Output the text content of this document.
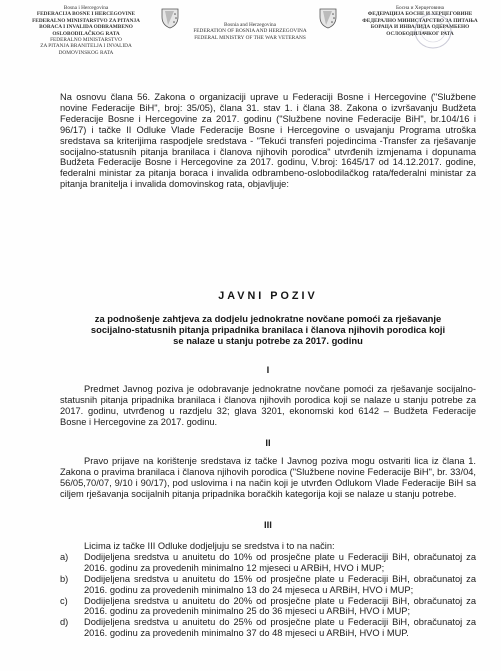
Bosna i Hercegovina
FEDERACIJA BOSNE I HERCEGOVINE
FEDERALNO MINISTARSTVO ZA PITANJA
BORACA I INVALIDA ODBRAMBENO
OSLOBODILAČKOG RATA
FEDERALNO MINISTARSTVO
ZA PITANJA BRANITELJA I INVALIDA
DOMOVINSKOG RATA
Bosnia and Herzegovina
FEDERATION OF BOSNIA AND HERZEGOVINA
FEDERAL MINISTRY OF THE WAR VETERANS
Босна и Херцеговина
ФЕДЕРАЦИЈА БОСНЕ И ХЕРЦЕГОВИНЕ
ФЕДЕРАЛНО МИНИСТАРСТВО ЗА ПИТАЊА
БОРАЦА И ИНВАЛИДА ОДБРАМБЕНО
ОСЛОБОДИЛАЧКОГ РАТА
Na osnovu člana 56. Zakona o organizaciji uprave u Federaciji Bosne i Hercegovine ("Službene novine Federacije BiH", broj: 35/05), člana 31. stav 1. i člana 38. Zakona o izvršavanju Budžeta Federacije Bosne i Hercegovine za 2017. godinu ("Službene novine Federacije BiH", br.104/16 i 96/17) i tačke II Odluke Vlade Federacije Bosne i Hercegovine o usvajanju Programa utroška sredstava sa kriterijima raspodjele sredstava - "Tekući transferi pojedincima -Transfer za rješavanje socijalno-statusnih pitanja branilaca i članova njihovih porodica" utvrđenih izmjenama i dopunama Budžeta Federacije Bosne i Hercegovine za 2017. godinu, V.broj: 1645/17 od 14.12.2017. godine, federalni ministar za pitanja boraca i invalida odbrambeno-oslobodilačkog rata/federalni ministar za pitanja branitelja i invalida domovinskog rata, objavljuje:
JAVNI POZIV
za podnošenje zahtjeva za dodjelu jednokratne novčane pomoći za rješavanje socijalno-statusnih pitanja pripadnika branilaca i članova njihovih porodica koji se nalaze u stanju potrebe za 2017. godinu
I
Predmet Javnog poziva je odobravanje jednokratne novčane pomoći za rješavanje socijalno-statusnih pitanja pripadnika branilaca i članova njihovih porodica koji se nalaze u stanju potrebe za 2017. godinu, utvrđenog u razdjelu 32; glava 3201, ekonomski kod 6142 – Budžeta Federacije Bosne i Hercegovine za 2017. godinu.
II
Pravo prijave na korištenje sredstava iz tačke I Javnog poziva mogu ostvariti lica iz člana 1. Zakona o pravima branilaca i članova njihovih porodica ("Službene novine Federacije BiH", br. 33/04, 56/05,70/07, 9/10 i 90/17), pod uslovima i na način koji je utvrđen Odlukom Vlade Federacije BiH sa ciljem rješavanja socijalnih pitanja pripadnika boračkih kategorija koji se nalaze u stanju potrebe.
III
Licima iz tačke III Odluke dodjeljuju se sredstva i to na način:
a)	Dodijeljena sredstva u anuitetu do 10% od prosječne plate u Federaciji BiH, obračunatoj za 2016. godinu za provedenih minimalno 12 mjeseci u ARBiH, HVO i MUP;
b)	Dodijeljena sredstva u anuitetu do 15% od prosječne plate u Federaciji BiH, obračunatoj za 2016. godinu za provedenih minimalno 13 do 24 mjeseca u ARBiH, HVO i MUP;
c)	Dodijeljena sredstva u anuitetu do 20% od prosječne plate u Federaciji BiH, obračunatoj za 2016. godinu za provedenih minimalno 25 do 36 mjeseci u ARBiH, HVO i MUP;
d)	Dodijeljena sredstva u anuitetu do 25% od prosječne plate u Federaciji BiH, obračunatoj za 2016. godinu za provedenih minimalno 37 do 48 mjeseci u ARBiH, HVO i MUP.
